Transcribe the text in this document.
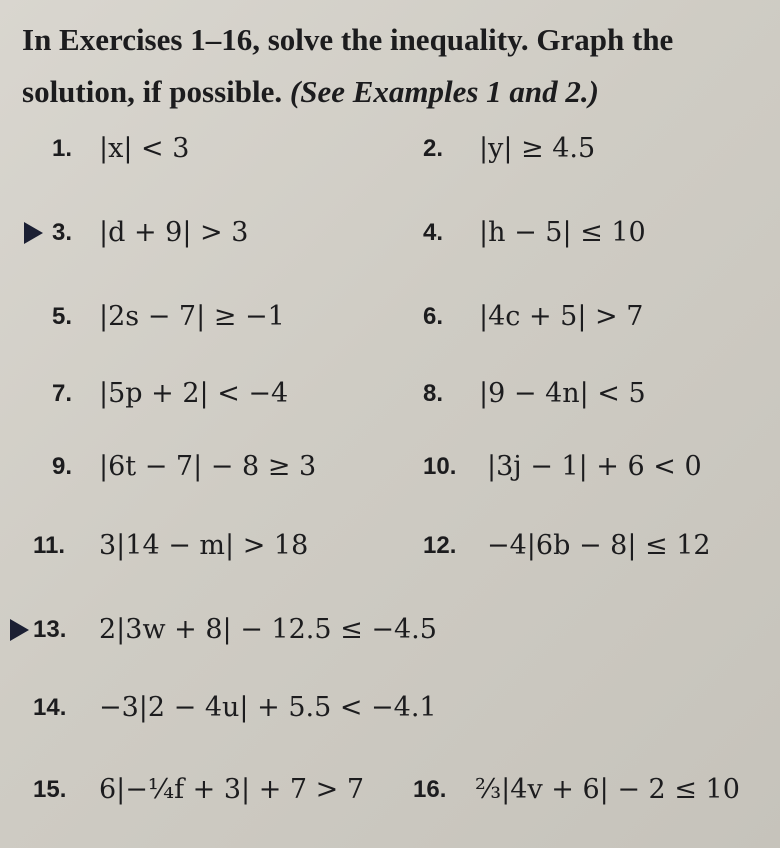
In Exercises 1–16, solve the inequality. Graph the
solution, if possible. (See Examples 1 and 2.)
1. |x| < 3	2. |y| ≥ 4.5
3. |d + 9| > 3	4. |h − 5| ≤ 10
5. |2s − 7| ≥ −1	6. |4c + 5| > 7
7. |5p + 2| < −4	8. |9 − 4n| < 5
9. |6t − 7| − 8 ≥ 3	10. |3j − 1| + 6 < 0
11. 3|14 − m| > 18	12. −4|6b − 8| ≤ 12
13. 2|3w + 8| − 12.5 ≤ −4.5
14. −3|2 − 4u| + 5.5 < −4.1
15. 6|−¼f + 3| + 7 > 7 16. ⅔|4v + 6| − 2 ≤ 10
